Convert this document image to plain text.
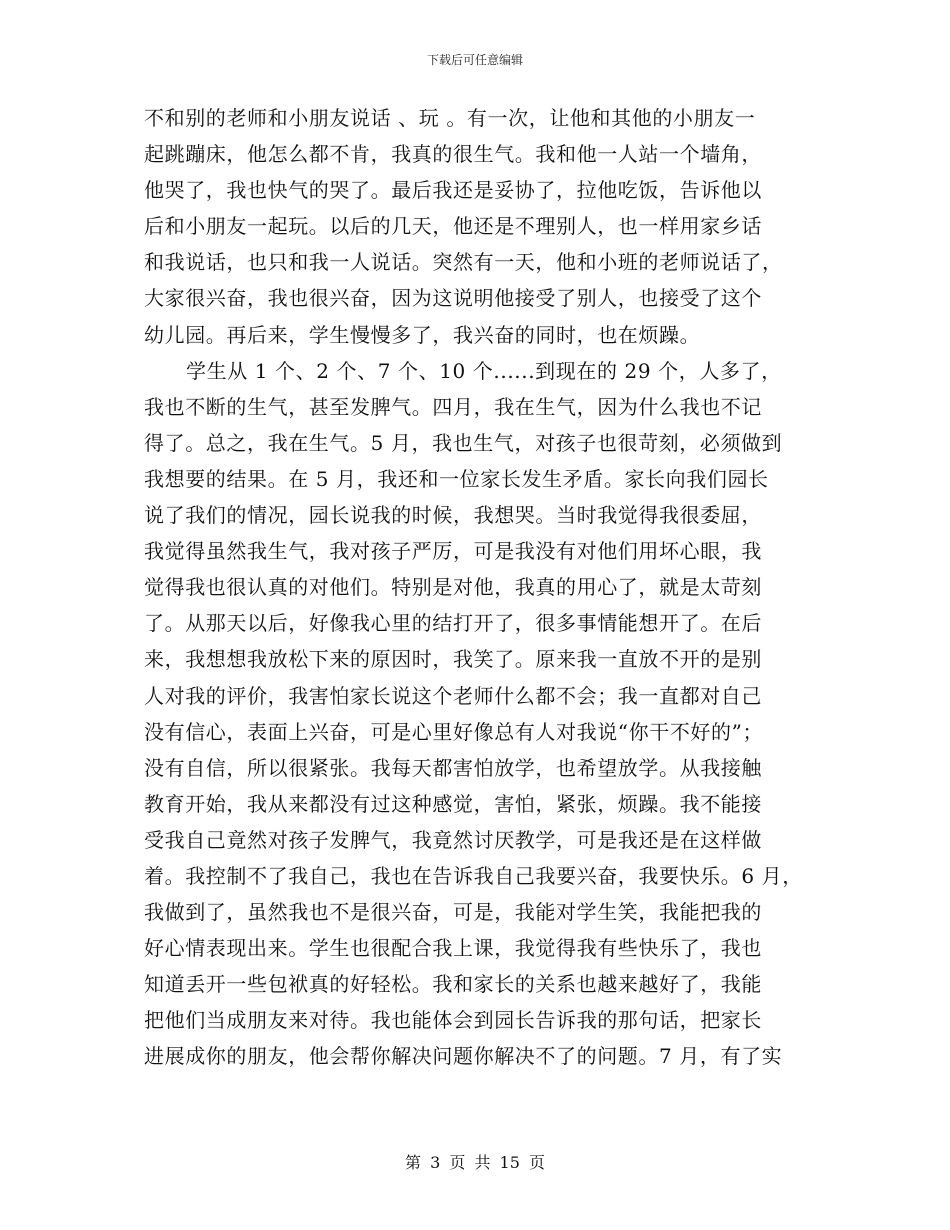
下载后可任意编辑
不和别的老师和小朋友说话 、玩 。有一次，让他和其他的小朋友一
起跳蹦床，他怎么都不肯，我真的很生气。我和他一人站一个墙角，
他哭了，我也快气的哭了。最后我还是妥协了，拉他吃饭，告诉他以
后和小朋友一起玩。以后的几天，他还是不理别人，也一样用家乡话
和我说话，也只和我一人说话。突然有一天，他和小班的老师说话了，
大家很兴奋，我也很兴奋，因为这说明他接受了别人，也接受了这个
幼儿园。再后来，学生慢慢多了，我兴奋的同时，也在烦躁。
学生从 1 个、2 个、7 个、10 个......到现在的 29 个，人多了，
我也不断的生气，甚至发脾气。四月，我在生气，因为什么我也不记
得了。总之，我在生气。5 月，我也生气，对孩子也很苛刻，必须做到
我想要的结果。在 5 月，我还和一位家长发生矛盾。家长向我们园长
说了我们的情况，园长说我的时候，我想哭。当时我觉得我很委屈，
我觉得虽然我生气，我对孩子严厉，可是我没有对他们用坏心眼，我
觉得我也很认真的对他们。特别是对他，我真的用心了，就是太苛刻
了。从那天以后，好像我心里的结打开了，很多事情能想开了。在后
来，我想想我放松下来的原因时，我笑了。原来我一直放不开的是别
人对我的评价，我害怕家长说这个老师什么都不会；我一直都对自己
没有信心，表面上兴奋，可是心里好像总有人对我说“你干不好的”；
没有自信，所以很紧张。我每天都害怕放学，也希望放学。从我接触
教育开始，我从来都没有过这种感觉，害怕，紧张，烦躁。我不能接
受我自己竟然对孩子发脾气，我竟然讨厌教学，可是我还是在这样做
着。我控制不了我自己，我也在告诉我自己我要兴奋，我要快乐。6 月，
我做到了，虽然我也不是很兴奋，可是，我能对学生笑，我能把我的
好心情表现出来。学生也很配合我上课，我觉得我有些快乐了，我也
知道丢开一些包袱真的好轻松。我和家长的关系也越来越好了，我能
把他们当成朋友来对待。我也能体会到园长告诉我的那句话，把家长
进展成你的朋友，他会帮你解决问题你解决不了的问题。7 月，有了实
第 3 页 共 15 页
